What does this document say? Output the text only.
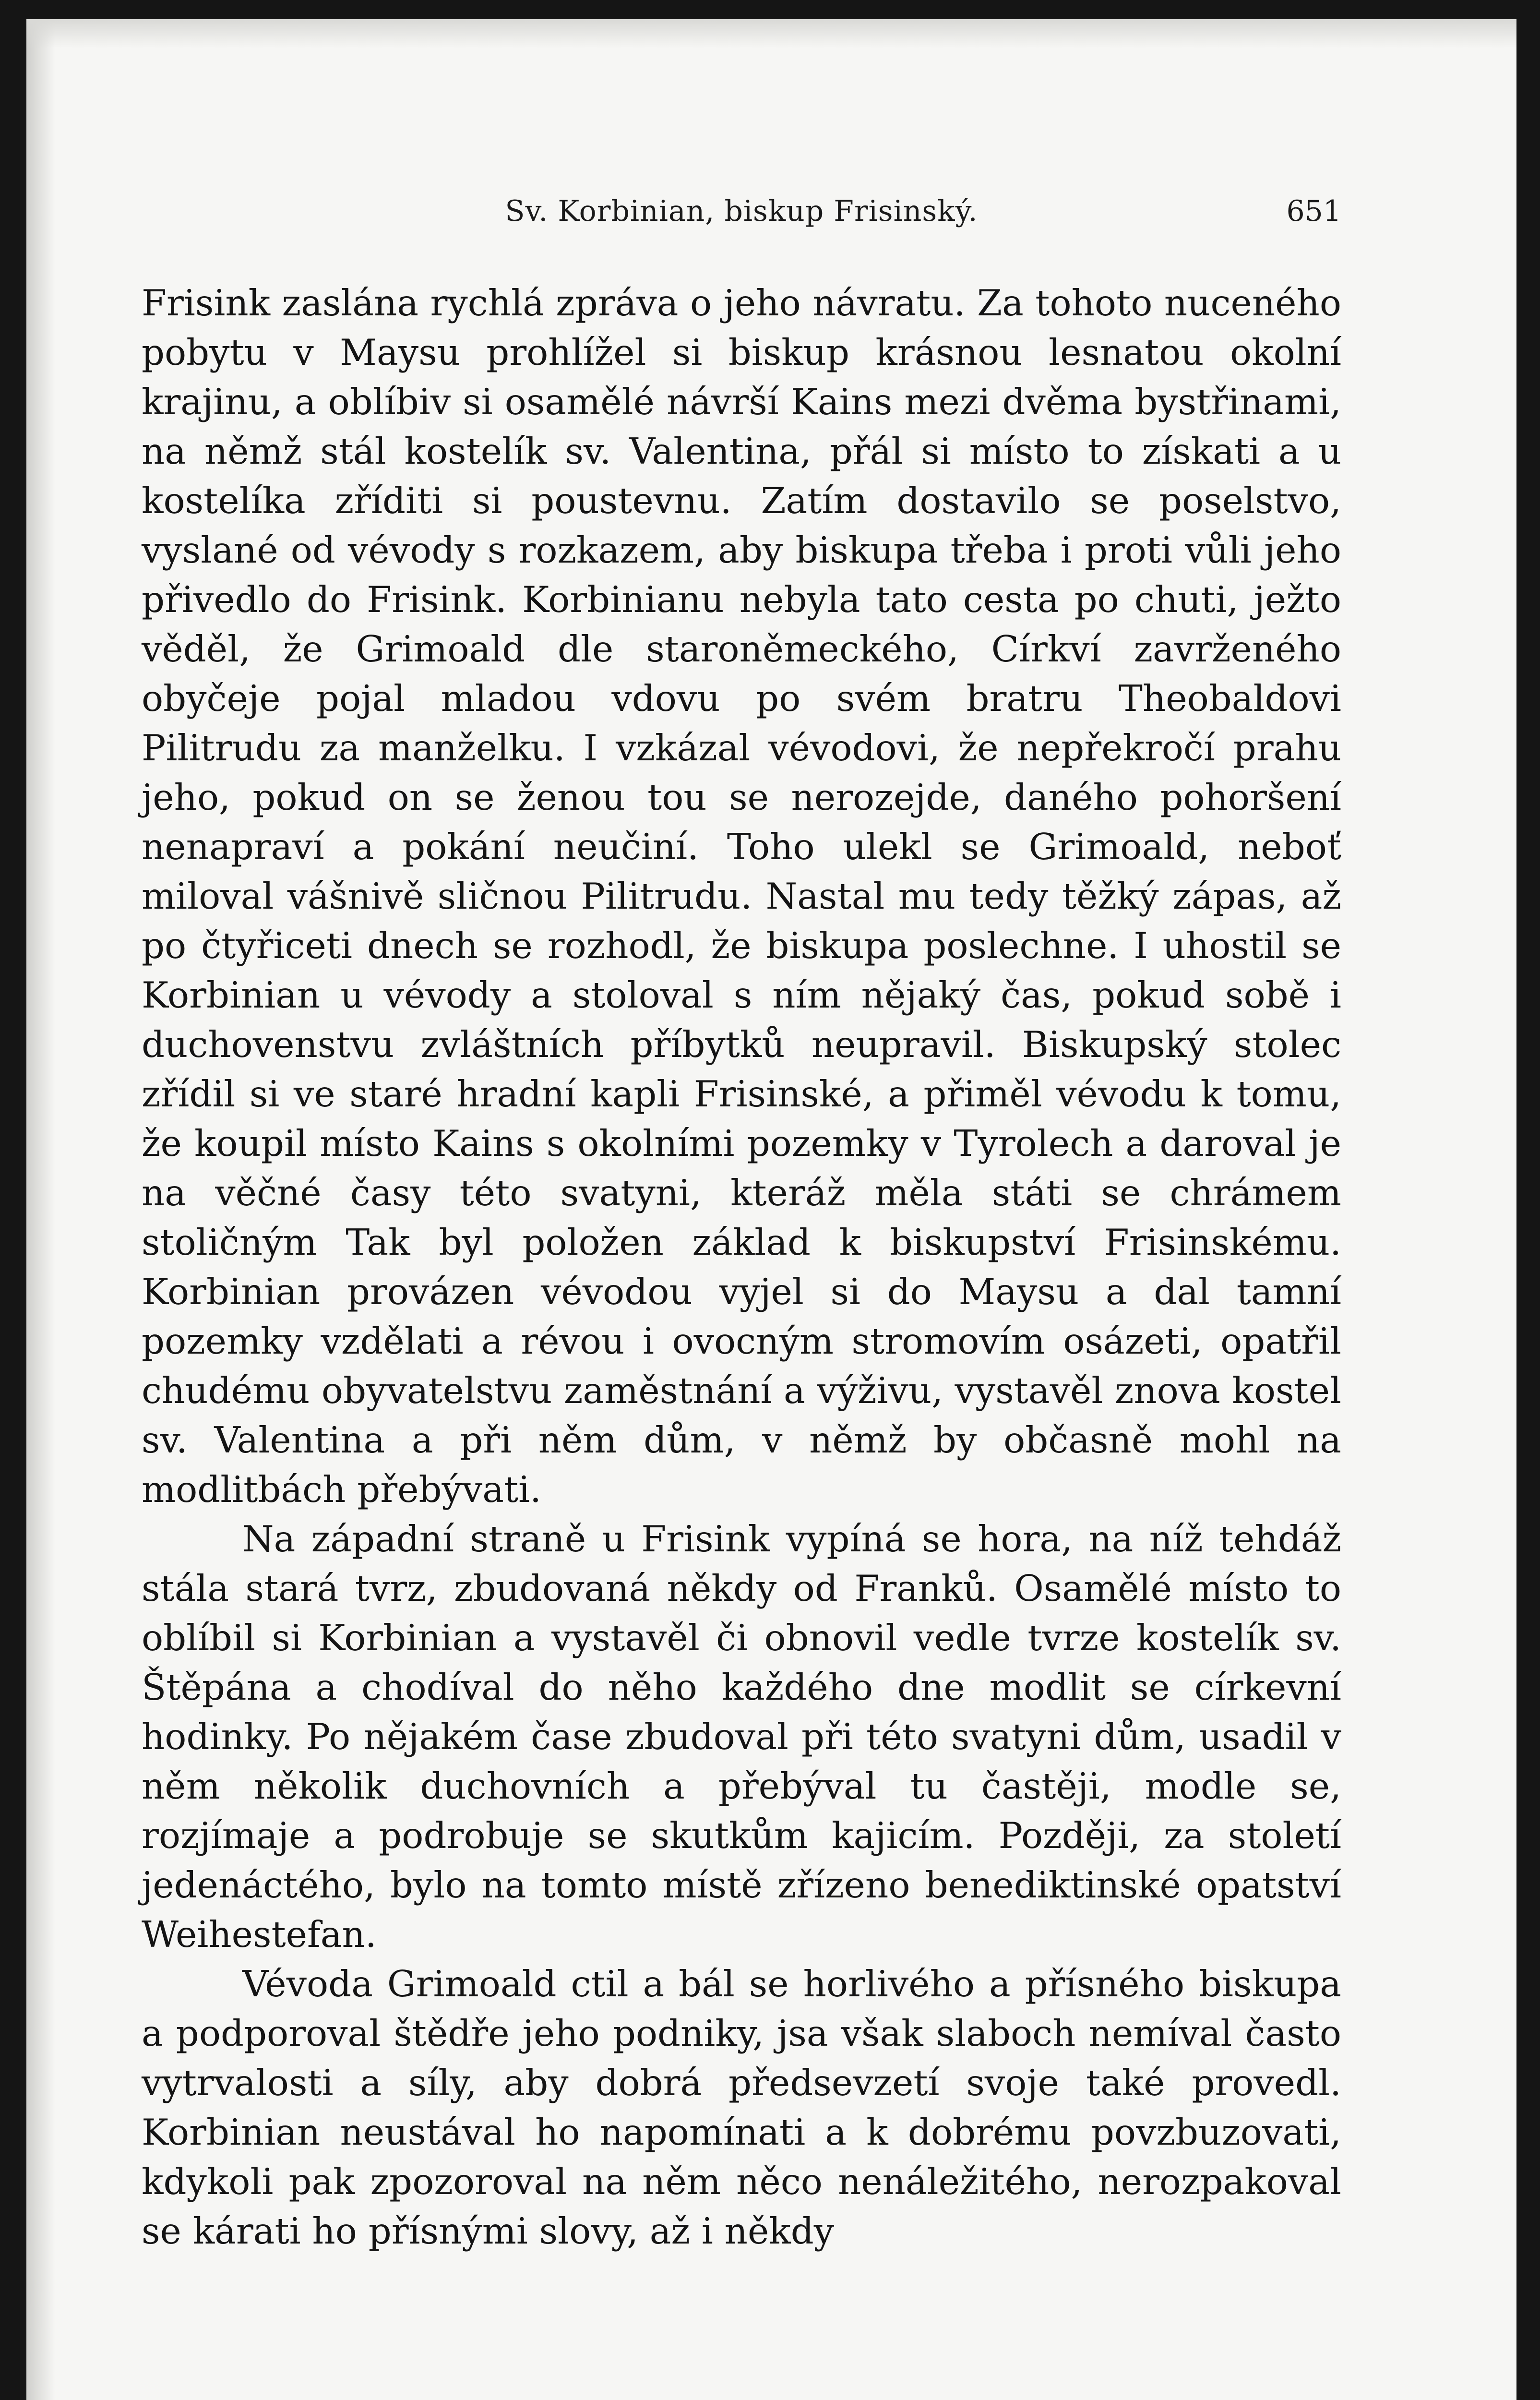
Sv. Korbinian, biskup Frisinský.	651

Frisink zaslána rychlá zpráva o jeho návratu. Za tohoto nuceného pobytu v Maysu prohlížel si biskup krásnou lesnatou okolní krajinu, a oblíbiv si osamělé návrší Kains mezi dvěma bystřinami, na němž stál kostelík sv. Valentina, přál si místo to získati a u kostelíka zříditi si poustevnu. Zatím dostavilo se poselstvo, vyslané od vévody s rozkazem, aby biskupa třeba i proti vůli jeho přivedlo do Frisink. Korbinianu nebyla tato cesta po chuti, ježto věděl, že Grimoald dle staroněmeckého, Církví zavrženého obyčeje pojal mladou vdovu po svém bratru Theobaldovi Pilitrudu za manželku. I vzkázal vévodovi, že nepřekročí prahu jeho, pokud on se ženou tou se nerozejde, daného pohoršení nenapraví a pokání neučiní. Toho ulekl se Grimoald, neboť miloval vášnivě sličnou Pilitrudu. Nastal mu tedy těžký zápas, až po čtyřiceti dnech se rozhodl, že biskupa poslechne. I uhostil se Korbinian u vévody a stoloval s ním nějaký čas, pokud sobě i duchovenstvu zvláštních příbytků neupravil. Biskupský stolec zřídil si ve staré hradní kapli Frisinské, a přiměl vévodu k tomu, že koupil místo Kains s okolními pozemky v Tyrolech a daroval je na věčné časy této svatyni, kteráž měla státi se chrámem stoličným Tak byl položen základ k biskupství Frisinskému. Korbinian provázen vévodou vyjel si do Maysu a dal tamní pozemky vzdělati a révou i ovocným stromovím osázeti, opatřil chudému obyvatelstvu zaměstnání a výživu, vystavěl znova kostel sv. Valentina a při něm dům, v němž by občasně mohl na modlitbách přebývati.

Na západní straně u Frisink vypíná se hora, na níž tehdáž stála stará tvrz, zbudovaná někdy od Franků. Osamělé místo to oblíbil si Korbinian a vystavěl či obnovil vedle tvrze kostelík sv. Štěpána a chodíval do něho každého dne modlit se církevní hodinky. Po nějakém čase zbudoval při této svatyni dům, usadil v něm několik duchovních a přebýval tu častěji, modle se, rozjímaje a podrobuje se skutkům kajicím. Později, za století jedenáctého, bylo na tomto místě zřízeno benediktinské opatství Weihestefan.

Vévoda Grimoald ctil a bál se horlivého a přísného biskupa a podporoval štědře jeho podniky, jsa však slaboch nemíval často vytrvalosti a síly, aby dobrá předsevzetí svoje také provedl. Korbinian neustával ho napomínati a k dobrému povzbuzovati, kdykoli pak zpozoroval na něm něco nenáležitého, nerozpakoval se kárati ho přísnými slovy, až i někdy
